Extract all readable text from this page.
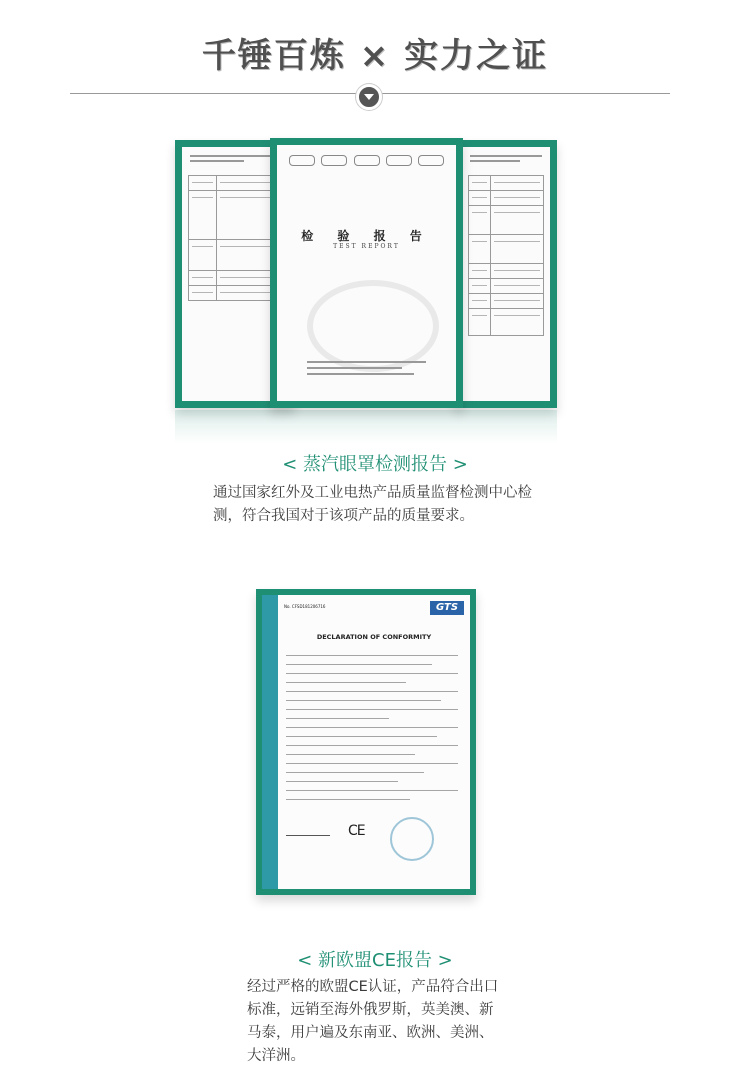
千锤百炼 × 实力之证
检 验 报 告
TEST REPORT
< 蒸汽眼罩检测报告 >
通过国家红外及工业电热产品质量监督检测中心检测，符合我国对于该项产品的质量要求。
No. CFSD181206716	GTS
DECLARATION OF CONFORMITY
CE
< 新欧盟CE报告 >
经过严格的欧盟CE认证，产品符合出口标准，远销至海外俄罗斯，英美澳、新马泰，用户遍及东南亚、欧洲、美洲、大洋洲。
